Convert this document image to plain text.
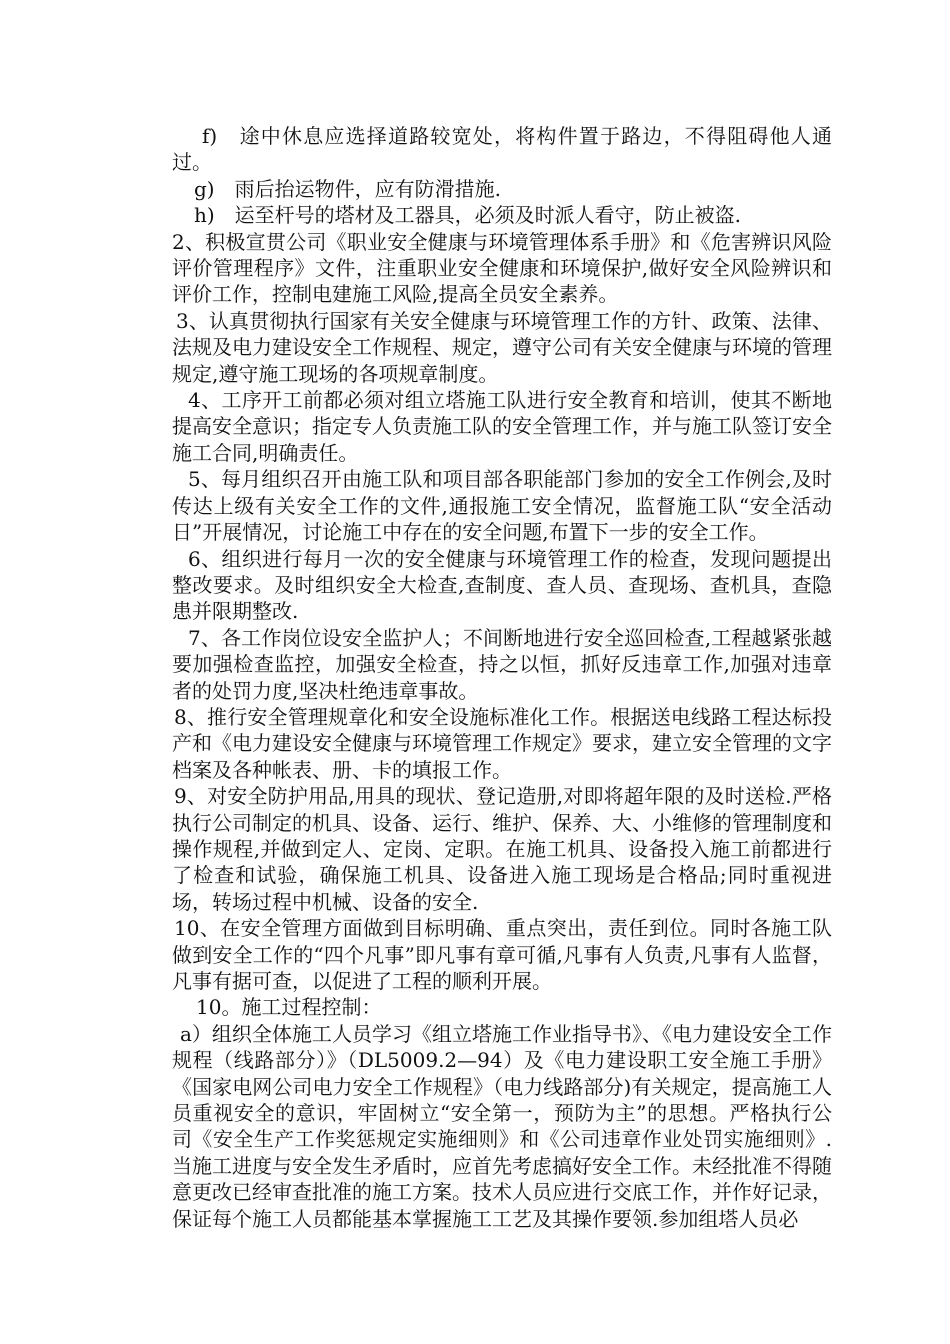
f)　途中休息应选择道路较宽处，将构件置于路边，不得阻碍他人通过。

g)　雨后抬运物件，应有防滑措施.

h)　运至杆号的塔材及工器具，必须及时派人看守，防止被盗.

2、积极宣贯公司《职业安全健康与环境管理体系手册》和《危害辨识风险评价管理程序》文件，注重职业安全健康和环境保护,做好安全风险辨识和评价工作，控制电建施工风险,提高全员安全素养。

3、认真贯彻执行国家有关安全健康与环境管理工作的方针、政策、法律、法规及电力建设安全工作规程、规定，遵守公司有关安全健康与环境的管理规定,遵守施工现场的各项规章制度。

4、工序开工前都必须对组立塔施工队进行安全教育和培训，使其不断地提高安全意识；指定专人负责施工队的安全管理工作，并与施工队签订安全施工合同,明确责任。

5、每月组织召开由施工队和项目部各职能部门参加的安全工作例会,及时传达上级有关安全工作的文件,通报施工安全情况，监督施工队“安全活动日”开展情况，讨论施工中存在的安全问题,布置下一步的安全工作。

6、组织进行每月一次的安全健康与环境管理工作的检查，发现问题提出整改要求。及时组织安全大检查,查制度、查人员、查现场、查机具，查隐患并限期整改.

7、各工作岗位设安全监护人；不间断地进行安全巡回检查,工程越紧张越要加强检查监控，加强安全检查，持之以恒，抓好反违章工作,加强对违章者的处罚力度,坚决杜绝违章事故。

8、推行安全管理规章化和安全设施标准化工作。根据送电线路工程达标投产和《电力建设安全健康与环境管理工作规定》要求，建立安全管理的文字档案及各种帐表、册、卡的填报工作。

9、对安全防护用品,用具的现状、登记造册,对即将超年限的及时送检.严格执行公司制定的机具、设备、运行、维护、保养、大、小维修的管理制度和操作规程,并做到定人、定岗、定职。在施工机具、设备投入施工前都进行了检查和试验，确保施工机具、设备进入施工现场是合格品;同时重视进场，转场过程中机械、设备的安全.

10、在安全管理方面做到目标明确、重点突出，责任到位。同时各施工队做到安全工作的“四个凡事”即凡事有章可循,凡事有人负责,凡事有人监督，凡事有据可查，以促进了工程的顺利开展。

10。施工过程控制：

a）组织全体施工人员学习《组立塔施工作业指导书》、《电力建设安全工作规程（线路部分）》（DL5009.2—94）及《电力建设职工安全施工手册》《国家电网公司电力安全工作规程》（电力线路部分)有关规定，提高施工人员重视安全的意识，牢固树立“安全第一，预防为主”的思想。严格执行公司《安全生产工作奖惩规定实施细则》和《公司违章作业处罚实施细则》.当施工进度与安全发生矛盾时，应首先考虑搞好安全工作。未经批准不得随意更改已经审查批准的施工方案。技术人员应进行交底工作，并作好记录，保证每个施工人员都能基本掌握施工工艺及其操作要领.参加组塔人员必
